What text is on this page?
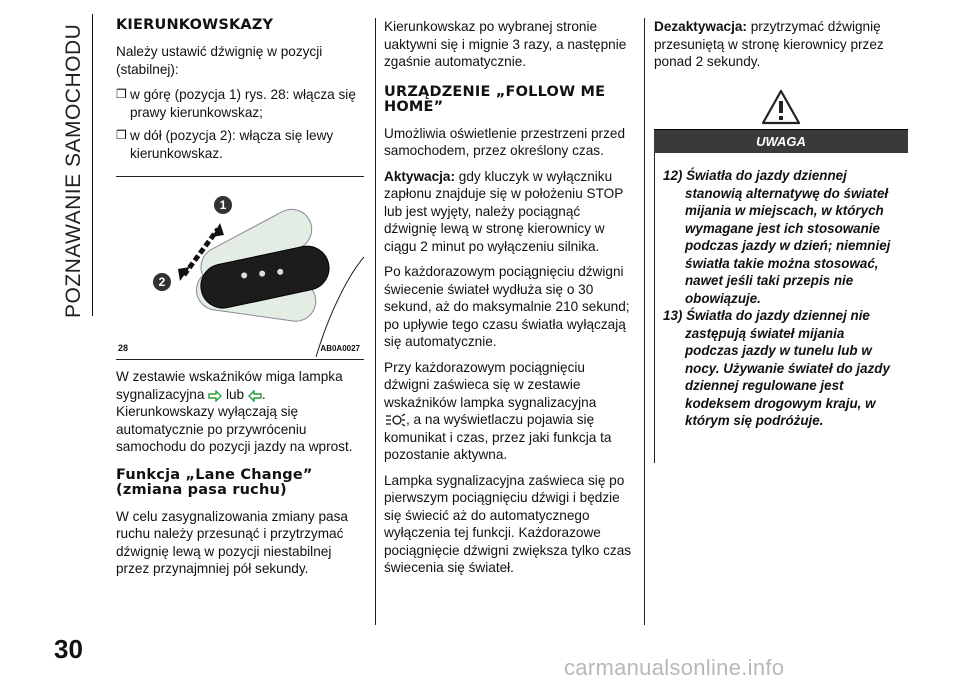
POZNAWANIE SAMOCHODU KIERUNKOWSKAZY

Należy ustawić dźwignię w pozycji (stabilnej):

❒ w górę (pozycja 1) rys. 28: włącza się prawy kierunkowskaz;
❒ w dół (pozycja 2): włącza się lewy kierunkowskaz.
1
2
28	AB0A0027

W zestawie wskaźników miga lampka sygnalizacyjna lub . Kierunkowskazy wyłączają się automatycznie po przywróceniu samochodu do pozycji jazdy na wprost.

Funkcja „Lane Change” (zmiana pasa ruchu)

W celu zasygnalizowania zmiany pasa ruchu należy przesunąć i przytrzymać dźwignię lewą w pozycji niestabilnej przez przynajmniej pół sekundy.

Kierunkowskaz po wybranej stronie uaktywni się i mignie 3 razy, a następnie zgaśnie automatycznie.

URZĄDZENIE „FOLLOW ME HOME”

Umożliwia oświetlenie przestrzeni przed samochodem, przez określony czas.

Aktywacja: gdy kluczyk w wyłączniku zapłonu znajduje się w położeniu STOP lub jest wyjęty, należy pociągnąć dźwignię lewą w stronę kierownicy w ciągu 2 minut po wyłączeniu silnika.

Po każdorazowym pociągnięciu dźwigni świecenie świateł wydłuża się o 30 sekund, aż do maksymalnie 210 sekund; po upływie tego czasu światła wyłączają się automatycznie.

Przy każdorazowym pociągnięciu dźwigni zaświeca się w zestawie wskaźników lampka sygnalizacyjna
, a na wyświetlaczu pojawia się komunikat i czas, przez jaki funkcja ta pozostanie aktywna.

Lampka sygnalizacyjna zaświeca się po pierwszym pociągnięciu dźwigi i będzie się świecić aż do automatycznego wyłączenia tej funkcji. Każdorazowe pociągnięcie dźwigni zwiększa tylko czas świecenia się świateł.

Dezaktywacja: przytrzymać dźwignię przesuniętą w stronę kierownicy przez ponad 2 sekundy.

UWAGA

12) Światła do jazdy dziennej stanowią alternatywę do świateł mijania w miejscach, w których wymagane jest ich stosowanie podczas jazdy w dzień; niemniej światła takie można stosować, nawet jeśli taki przepis nie obowiązuje.

13) Światła do jazdy dziennej nie zastępują świateł mijania podczas jazdy w tunelu lub w nocy. Używanie świateł do jazdy dziennej regulowane jest kodeksem drogowym kraju, w którym się podróżuje.

30
carmanualsonline.info
